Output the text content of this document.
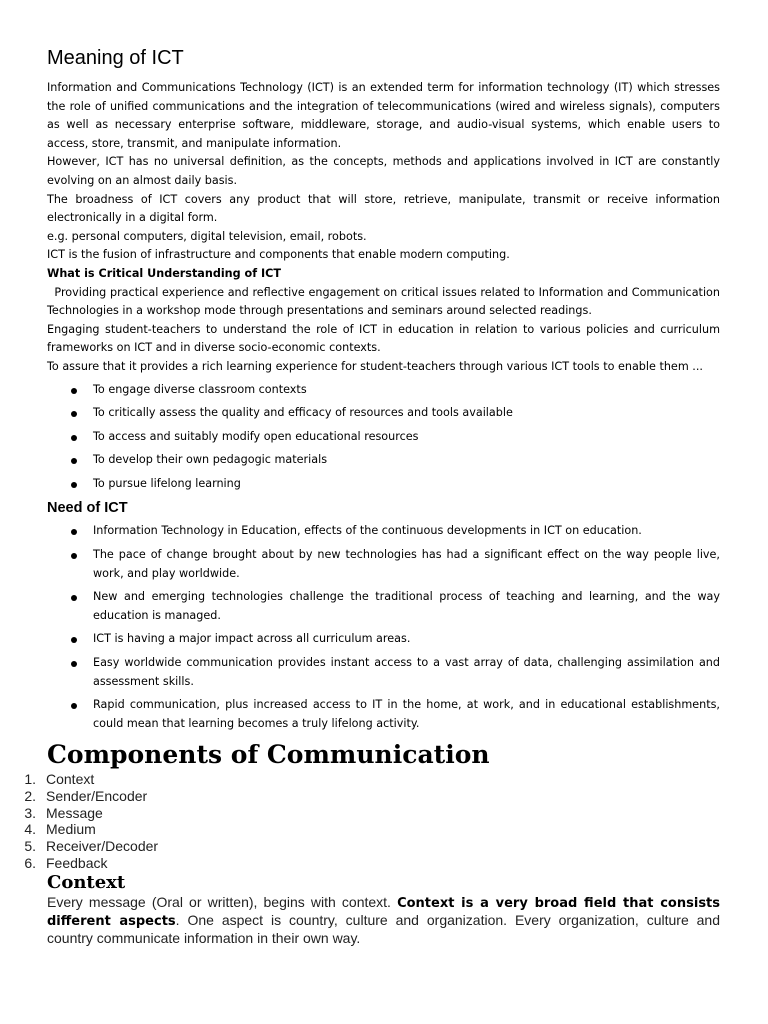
Meaning of ICT

Information and Communications Technology (ICT) is an extended term for information technology (IT) which stresses the role of unified communications and the integration of telecommunications (wired and wireless signals), computers as well as necessary enterprise software, middleware, storage, and audio-visual systems, which enable users to access, store, transmit, and manipulate information.

However, ICT has no universal definition, as the concepts, methods and applications involved in ICT are constantly evolving on an almost daily basis.

The broadness of ICT covers any product that will store, retrieve, manipulate, transmit or receive information electronically in a digital form.

e.g. personal computers, digital television, email, robots.

ICT is the fusion of infrastructure and components that enable modern computing.

What is Critical Understanding of ICT

Providing practical experience and reflective engagement on critical issues related to Information and Communication Technologies in a workshop mode through presentations and seminars around selected readings.

Engaging student-teachers to understand the role of ICT in education in relation to various policies and curriculum frameworks on ICT and in diverse socio-economic contexts.

To assure that it provides a rich learning experience for student-teachers through various ICT tools to enable them ...

To engage diverse classroom contexts
To critically assess the quality and efficacy of resources and tools available
To access and suitably modify open educational resources
To develop their own pedagogic materials
To pursue lifelong learning
Need of ICT
Information Technology in Education, effects of the continuous developments in ICT on education.
The pace of change brought about by new technologies has had a significant effect on the way people live, work, and play worldwide.
New and emerging technologies challenge the traditional process of teaching and learning, and the way education is managed.
ICT is having a major impact across all curriculum areas.
Easy worldwide communication provides instant access to a vast array of data, challenging assimilation and assessment skills.
Rapid communication, plus increased access to IT in the home, at work, and in educational establishments, could mean that learning becomes a truly lifelong activity.
Components of Communication
1. Context
2. Sender/Encoder
3. Message
4. Medium
5. Receiver/Decoder
6. Feedback
Context

Every message (Oral or written), begins with context. Context is a very broad field that consists different aspects. One aspect is country, culture and organization. Every organization, culture and country communicate information in their own way.
